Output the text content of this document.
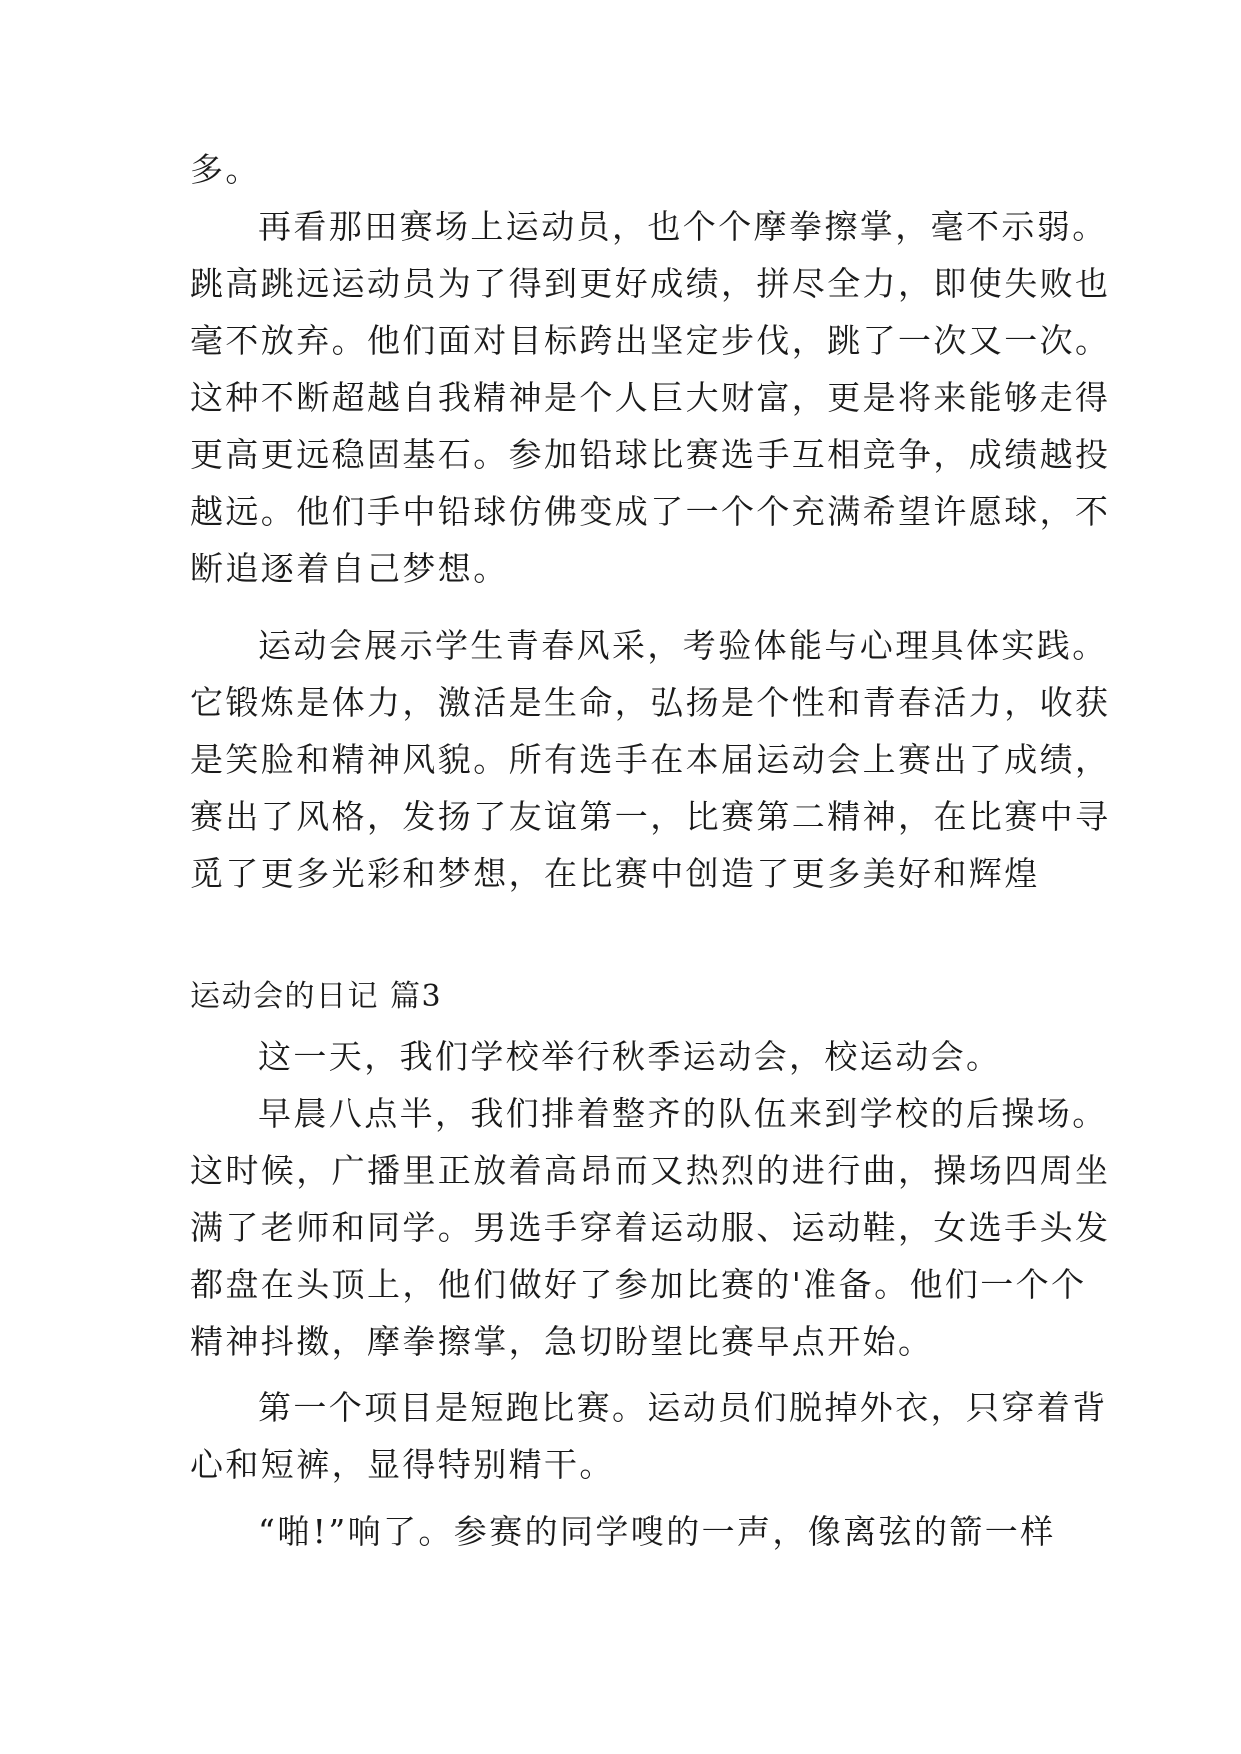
多。
再看那田赛场上运动员，也个个摩拳擦掌，毫不示弱。
跳高跳远运动员为了得到更好成绩，拼尽全力，即使失败也
毫不放弃。他们面对目标跨出坚定步伐，跳了一次又一次。
这种不断超越自我精神是个人巨大财富，更是将来能够走得
更高更远稳固基石。参加铅球比赛选手互相竞争，成绩越投
越远。他们手中铅球仿佛变成了一个个充满希望许愿球，不
断追逐着自己梦想。
运动会展示学生青春风采，考验体能与心理具体实践。
它锻炼是体力，激活是生命，弘扬是个性和青春活力，收获
是笑脸和精神风貌。所有选手在本届运动会上赛出了成绩，
赛出了风格，发扬了友谊第一，比赛第二精神，在比赛中寻
觅了更多光彩和梦想，在比赛中创造了更多美好和辉煌
运动会的日记 篇3
这一天，我们学校举行秋季运动会，校运动会。
早晨八点半，我们排着整齐的队伍来到学校的后操场。
这时候，广播里正放着高昂而又热烈的进行曲，操场四周坐
满了老师和同学。男选手穿着运动服、运动鞋，女选手头发
都盘在头顶上，他们做好了参加比赛的'准备。他们一个个
精神抖擞，摩拳擦掌，急切盼望比赛早点开始。
第一个项目是短跑比赛。运动员们脱掉外衣，只穿着背
心和短裤，显得特别精干。
“啪!”响了。参赛的同学嗖的一声，像离弦的箭一样
